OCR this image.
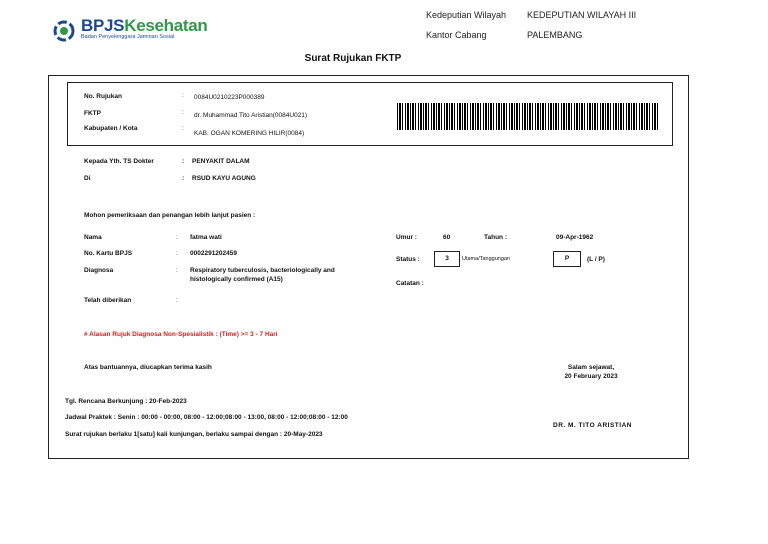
BPJSKesehatan
Badan Penyelenggara Jaminan Sosial
Kedeputian Wilayah KEDEPUTIAN WILAYAH III
Kantor Cabang	PALEMBANG
Surat Rujukan FKTP
No. Rujukan	: 0084U0210223P000389
FKTP	: dr. Muhammad Tito Aristian(0084U021)
Kabupaten / Kota	:
KAB. OGAN KOMERING HILIR(0084)
Kepada Yth. TS Dokter	: PENYAKIT DALAM
Di	: RSUD KAYU AGUNG
Mohon pemeriksaan dan penangan lebih lanjut pasien :
Nama	: fatma wati
No. Kartu BPJS	: 0002291202459
Diagnosa	: Respiratory tuberculosis, bacteriologically and
histologically confirmed (A15)
Telah diberikan	:
Umur :	60	Tahun :	09-Apr-1962
Status :	3	Utama/Tanggungan	P	(L / P)
Catatan :
# Alasan Rujuk Diagnosa Non-Spesialistik : (Time) >= 3 - 7 Hari
Atas bantuannya, diucapkan terima kasih	Salam sejawat,
20 February 2023
DR. M. TITO ARISTIAN
Tgl. Rencana Berkunjung : 20-Feb-2023
Jadwal Praktek : Senin : 00:00 - 00:00, 08:00 - 12:00;08:00 - 13:00, 08:00 - 12:00;08:00 - 12:00
Surat rujukan berlaku 1[satu] kali kunjungan, berlaku sampai dengan : 20-May-2023
